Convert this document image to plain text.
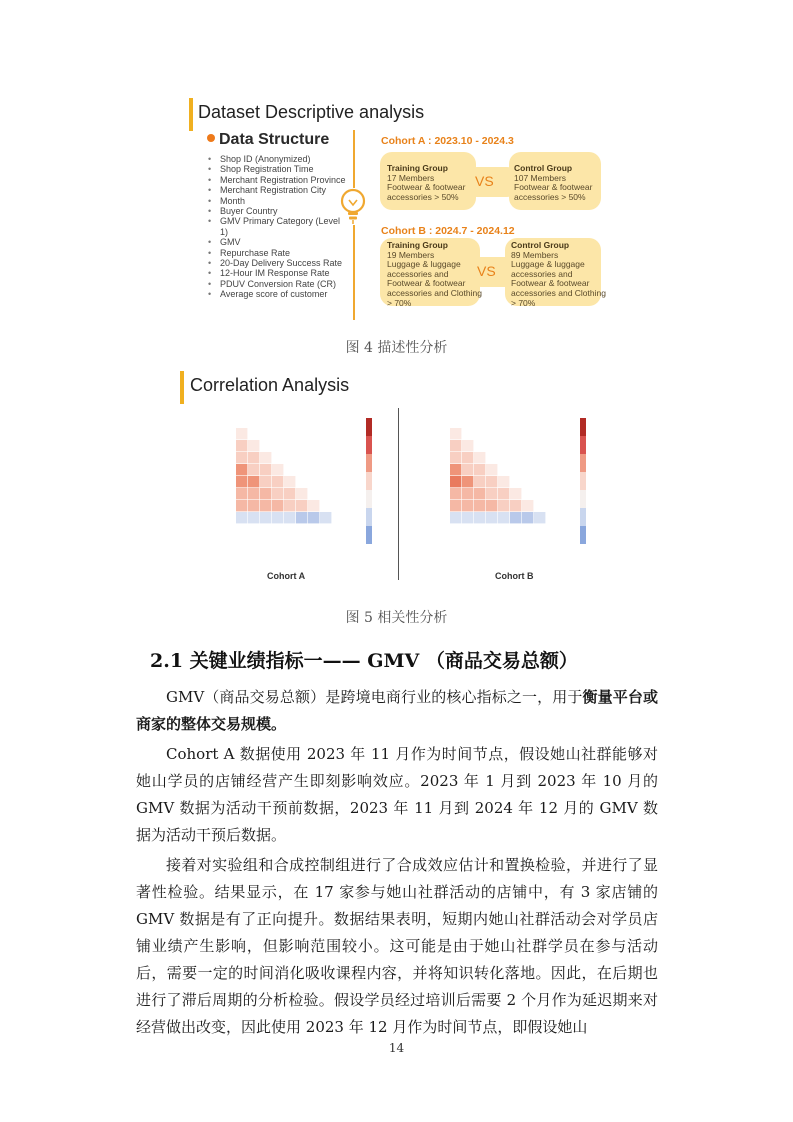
Dataset Descriptive analysis
Data Structure
• Shop ID (Anonymized)
• Shop Registration Time
• Merchant Registration Province
• Merchant Registration City
• Month
• Buyer Country
• GMV Primary Category (Level 1)
• GMV
• Repurchase Rate
• 20-Day Delivery Success Rate
• 12-Hour IM Response Rate
• PDUV Conversion Rate (CR)
• Average score of customer
Cohort A : 2023.10 - 2024.3
Training Group
17 Members
Footwear & footwear accessories > 50%
VS
Control Group
107 Members
Footwear & footwear accessories > 50%
Cohort B : 2024.7 - 2024.12
Training Group
19 Members
Luggage & luggage accessories and Footwear & footwear accessories and Clothing > 70%
VS
Control Group
89 Members
Luggage & luggage accessories and Footwear & footwear accessories and Clothing > 70%
图 4 描述性分析
Correlation Analysis
Cohort A	Cohort B
图 5 相关性分析
2.1 关键业绩指标一—— GMV （商品交易总额）

GMV（商品交易总额）是跨境电商行业的核心指标之一，用于衡量平台或商家的整体交易规模。

Cohort A 数据使用 2023 年 11 月作为时间节点，假设她山社群能够对她山学员的店铺经营产生即刻影响效应。2023 年 1 月到 2023 年 10 月的 GMV 数据为活动干预前数据，2023 年 11 月到 2024 年 12 月的 GMV 数据为活动干预后数据。

接着对实验组和合成控制组进行了合成效应估计和置换检验，并进行了显著性检验。结果显示，在 17 家参与她山社群活动的店铺中，有 3 家店铺的 GMV 数据是有了正向提升。数据结果表明，短期内她山社群活动会对学员店铺业绩产生影响，但影响范围较小。这可能是由于她山社群学员在参与活动后，需要一定的时间消化吸收课程内容，并将知识转化落地。因此，在后期也进行了滞后周期的分析检验。假设学员经过培训后需要 2 个月作为延迟期来对经营做出改变，因此使用 2023 年 12 月作为时间节点，即假设她山

14
